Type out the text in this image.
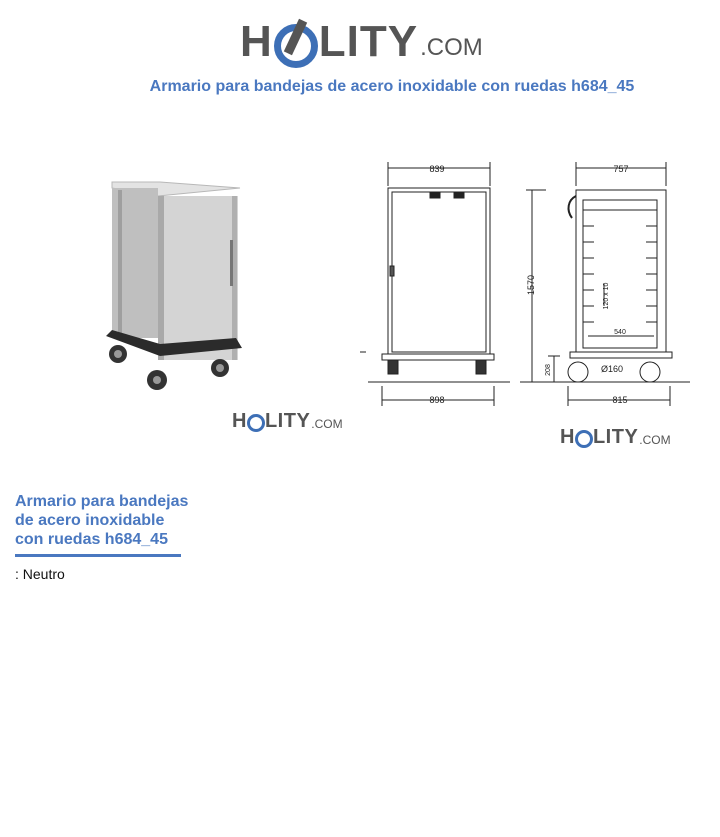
H LITY .COM
Armario para bandejas de acero inoxidable con ruedas h684_45
839
898
757
1570
208	Ø160
120 x 10
540
815
H LITY .COM
H LITY .COM
Armario para bandejas de acero inoxidable con ruedas h684_45
: Neutro
